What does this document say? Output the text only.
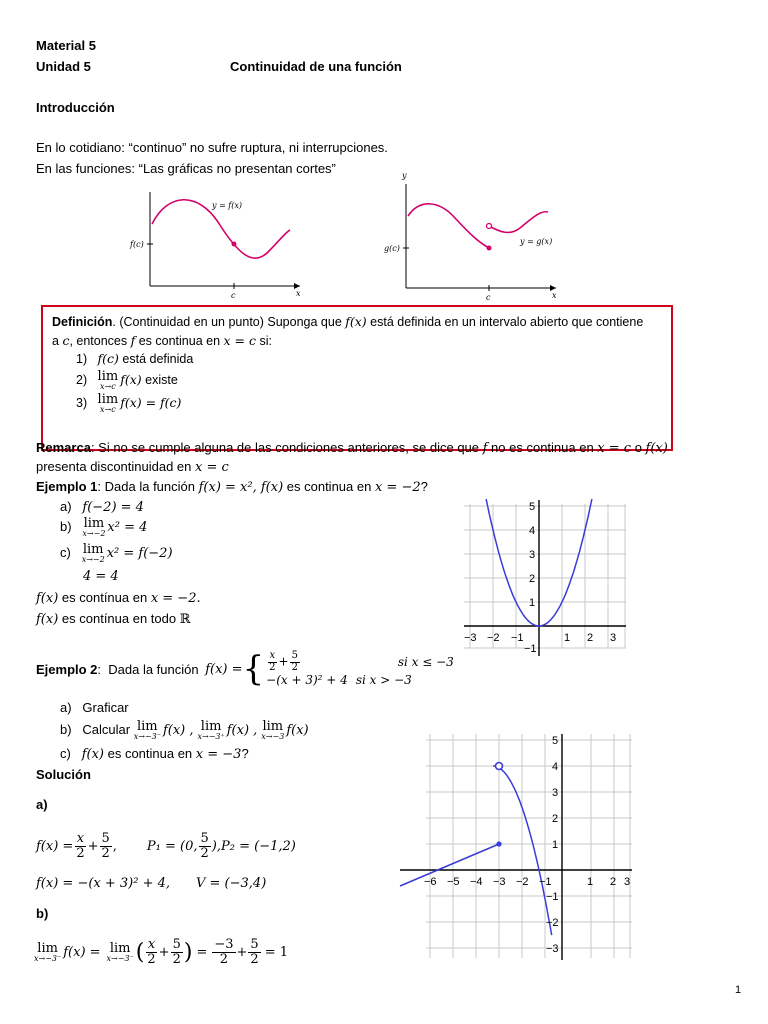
Material 5
Unidad 5	Continuidad de una función
Introducción
En lo cotidiano: “continuo” no sufre ruptura, ni interrupciones.
En las funciones: “Las gráficas no presentan cortes”
y = f(x)
f(c)
c	x
y
y = g(x)
g(c)
c	x
Definición. (Continuidad en un punto) Suponga que f(x) está definida en un intervalo abierto que contiene
a c, entonces f es continua en x = c si:
1) f(c) está definida
2) lim
x→c f(x) existe
3) lim
x→c f(x) = f(c)
Remarca: Si no se cumple alguna de las condiciones anteriores, se dice que f no es continua en x = c o f(x)
presenta discontinuidad en x = c
Ejemplo 1: Dada la función f(x) = x², f(x) es continua en x = −2?
a) f(−2) = 4
b) lim
x→−2 x² = 4
c) lim
x→−2 x² = f(−2)
4 = 4
f(x) es contínua en x = −2.
f(x) es contínua en todo ℝ
−3 −2 −1	1 2 3
5
4
3
2
1
−1
Ejemplo 2 :  Dada la función f(x) = { $\frac{x}{2} + \frac{5}{2}$	si x ≤ −3
−(x + 3)² + 4	si x > −3
a) Graficar
b) Calcular lim
x→−3⁻ f(x) , lim
x→−3⁺ f(x) , lim
x→−3 f(x)
c) f(x) es continua en x = −3?
Solución
a)
$f(x) = \frac{x}{2} + \frac{5}{2}$ , P₁ = (0, $\frac{5}{2} ),P_2 = (-1,2)$
f(x) = −(x + 3)² + 4, V = (−3,4)
b)
lim
x→−3⁻ f(x) = lim
x→−3⁻ ( $\frac{x}{2} + \frac{5}{2}$ ) = $\frac{-3}{2} + \frac{5}{2} = 1$
−6 −5 −4 −3 −2 −1	1 2 3
5
4
3
2
1
−1
−2
−3
1
